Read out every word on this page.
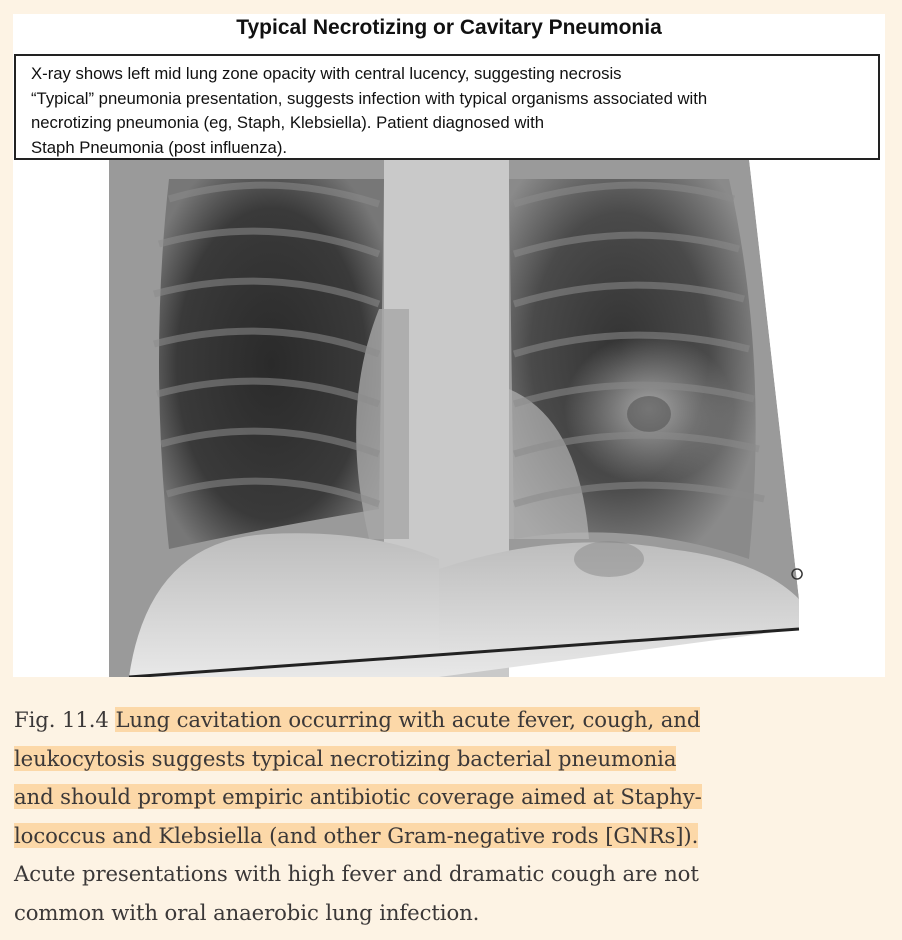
Typical Necrotizing or Cavitary Pneumonia
X-ray shows left mid lung zone opacity with central lucency, suggesting necrosis
“Typical” pneumonia presentation, suggests infection with typical organisms associated with
necrotizing pneumonia (eg, Staph, Klebsiella). Patient diagnosed with
Staph Pneumonia (post influenza).
Fig. 11.4 Lung cavitation occurring with acute fever, cough, and
leukocytosis suggests typical necrotizing bacterial pneumonia
and should prompt empiric antibiotic coverage aimed at Staphy-
lococcus and Klebsiella (and other Gram-negative rods [GNRs]).
Acute presentations with high fever and dramatic cough are not
common with oral anaerobic lung infection.
